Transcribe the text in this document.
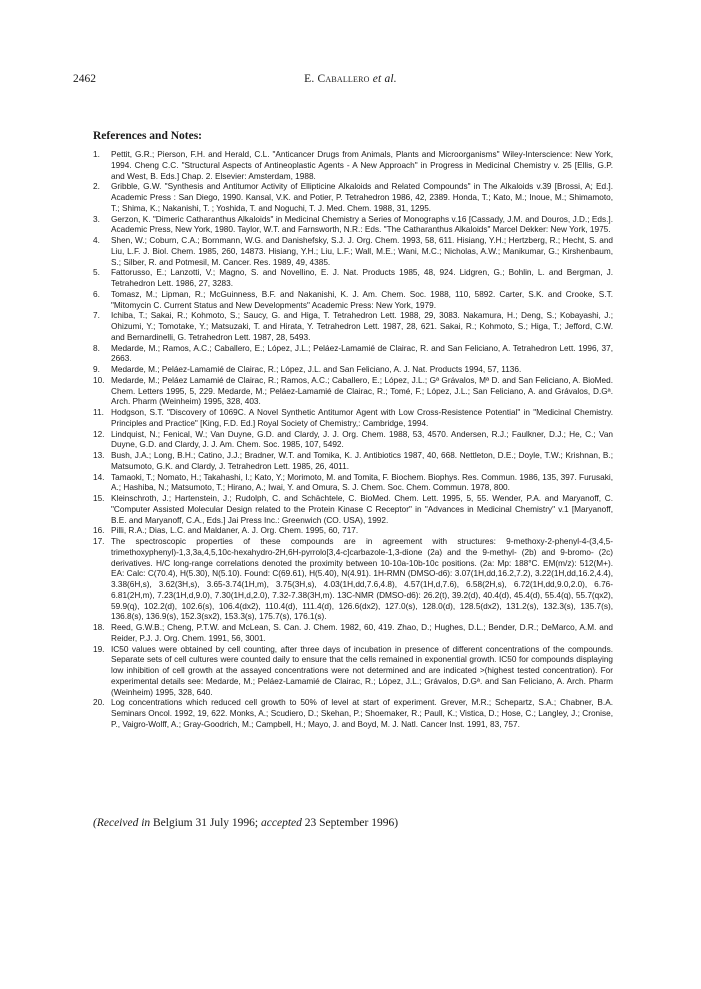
2462	E. Caballero et al.
References and Notes:
1. Pettit, G.R.; Pierson, F.H. and Herald, C.L. "Anticancer Drugs from Animals, Plants and Microorganisms" Wiley-Interscience: New York, 1994. Cheng C.C. "Structural Aspects of Antineoplastic Agents - A New Approach" in Progress in Medicinal Chemistry v. 25 [Ellis, G.P. and West, B. Eds.] Chap. 2. Elsevier: Amsterdam, 1988.
2. Gribble, G.W. "Synthesis and Antitumor Activity of Ellipticine Alkaloids and Related Compounds" in The Alkaloids v.39 [Brossi, A; Ed.]. Academic Press : San Diego, 1990. Kansal, V.K. and Potier, P. Tetrahedron 1986, 42, 2389. Honda, T.; Kato, M.; Inoue, M.; Shimamoto, T.; Shima, K.; Nakanishi, T. ; Yoshida, T. and Noguchi, T. J. Med. Chem. 1988, 31, 1295.
3. Gerzon, K. "Dimeric Catharanthus Alkaloids" in Medicinal Chemistry a Series of Monographs v.16 [Cassady, J.M. and Douros, J.D.; Eds.]. Academic Press, New York, 1980. Taylor, W.T. and Farnsworth, N.R.: Eds. "The Catharanthus Alkaloids" Marcel Dekker: New York, 1975.
4. Shen, W.; Coburn, C.A.; Bornmann, W.G. and Danishefsky, S.J. J. Org. Chem. 1993, 58, 611. Hisiang, Y.H.; Hertzberg, R.; Hecht, S. and Liu, L.F. J. Biol. Chem. 1985, 260, 14873. Hisiang, Y.H.; Liu, L.F.; Wall, M.E.; Wani, M.C.; Nicholas, A.W.; Manikumar, G.; Kirshenbaum, S.; Silber, R. and Potmesil, M. Cancer. Res. 1989, 49, 4385.
5. Fattorusso, E.; Lanzotti, V.; Magno, S. and Novellino, E. J. Nat. Products 1985, 48, 924. Lidgren, G.; Bohlin, L. and Bergman, J. Tetrahedron Lett. 1986, 27, 3283.
6. Tomasz, M.; Lipman, R.; McGuinness, B.F. and Nakanishi, K. J. Am. Chem. Soc. 1988, 110, 5892. Carter, S.K. and Crooke, S.T. "Mitomycin C. Current Status and New Developments" Academic Press: New York, 1979.
7. Ichiba, T.; Sakai, R.; Kohmoto, S.; Saucy, G. and Higa, T. Tetrahedron Lett. 1988, 29, 3083. Nakamura, H.; Deng, S.; Kobayashi, J.; Ohizumi, Y.; Tomotake, Y.; Matsuzaki, T. and Hirata, Y. Tetrahedron Lett. 1987, 28, 621. Sakai, R.; Kohmoto, S.; Higa, T.; Jefford, C.W. and Bernardinelli, G. Tetrahedron Lett. 1987, 28, 5493.
8. Medarde, M.; Ramos, A.C.; Caballero, E.; López, J.L.; Peláez-Lamamié de Clairac, R. and San Feliciano, A. Tetrahedron Lett. 1996, 37, 2663.
9. Medarde, M.; Peláez-Lamamié de Clairac, R.; López, J.L. and San Feliciano, A. J. Nat. Products 1994, 57, 1136.
10. Medarde, M.; Peláez Lamamié de Clairac, R.; Ramos, A.C.; Caballero, E.; López, J.L.; Gª Grávalos, Mª D. and San Feliciano, A. BioMed. Chem. Letters 1995, 5, 229. Medarde, M.; Peláez-Lamamié de Clairac, R.; Tomé, F.; López, J.L.; San Feliciano, A. and Grávalos, D.Gª. Arch. Pharm (Weinheim) 1995, 328, 403.
11. Hodgson, S.T. "Discovery of 1069C. A Novel Synthetic Antitumor Agent with Low Cross-Resistence Potential" in "Medicinal Chemistry. Principles and Practice" [King, F.D. Ed.] Royal Society of Chemistry,: Cambridge, 1994.
12. Lindquist, N.; Fenical, W.; Van Duyne, G.D. and Clardy, J. J. Org. Chem. 1988, 53, 4570. Andersen, R.J.; Faulkner, D.J.; He, C.; Van Duyne, G.D. and Clardy, J. J. Am. Chem. Soc. 1985, 107, 5492.
13. Bush, J.A.; Long, B.H.; Catino, J.J.; Bradner, W.T. and Tomika, K. J. Antibiotics 1987, 40, 668. Nettleton, D.E.; Doyle, T.W.; Krishnan, B.; Matsumoto, G.K. and Clardy, J. Tetrahedron Lett. 1985, 26, 4011.
14. Tamaoki, T.; Nomato, H.; Takahashi, I.; Kato, Y.; Morimoto, M. and Tomita, F. Biochem. Biophys. Res. Commun. 1986, 135, 397. Furusaki, A.; Hashiba, N.; Matsumoto, T.; Hirano, A.; Iwai, Y. and Omura, S. J. Chem. Soc. Chem. Commun. 1978, 800.
15. Kleinschroth, J.; Hartenstein, J.; Rudolph, C. and Schächtele, C. BioMed. Chem. Lett. 1995, 5, 55. Wender, P.A. and Maryanoff, C. "Computer Assisted Molecular Design related to the Protein Kinase C Receptor" in "Advances in Medicinal Chemistry" v.1 [Maryanoff, B.E. and Maryanoff, C.A., Eds.] Jai Press Inc.: Greenwich (CO. USA), 1992.
16. Pilli, R.A.; Dias, L.C. and Maldaner, A. J. Org. Chem. 1995, 60, 717.
17. The spectroscopic properties of these compounds are in agreement with structures: 9-methoxy-2-phenyl-4-(3,4,5-trimethoxyphenyl)-1,3,3a,4,5,10c-hexahydro-2H,6H-pyrrolo[3,4-c]carbazole-1,3-dione (2a) and the 9-methyl- (2b) and 9-bromo- (2c) derivatives. H/C long-range correlations denoted the proximity between 10-10a-10b-10c positions. (2a: Mp: 188°C. EM(m/z): 512(M+). EA: Calc: C(70.4), H(5.30), N(5.10). Found: C(69.61), H(5.40), N(4.91). 1H-RMN (DMSO-d6): 3.07(1H,dd,16.2,7.2), 3.22(1H,dd,16.2,4.4), 3.38(6H,s), 3.62(3H,s), 3.65-3.74(1H,m), 3.75(3H,s), 4.03(1H,dd,7.6,4.8), 4.57(1H,d,7.6), 6.58(2H,s), 6.72(1H,dd,9.0,2.0), 6.76-6.81(2H,m), 7.23(1H,d,9.0), 7.30(1H,d,2.0), 7.32-7.38(3H,m). 13C-NMR (DMSO-d6): 26.2(t), 39.2(d), 40.4(d), 45.4(d), 55.4(q), 55.7(qx2), 59.9(q), 102.2(d), 102.6(s), 106.4(dx2), 110.4(d), 111.4(d), 126.6(dx2), 127.0(s), 128.0(d), 128.5(dx2), 131.2(s), 132.3(s), 135.7(s), 136.8(s), 136.9(s), 152.3(sx2), 153.3(s), 175.7(s), 176.1(s).
18. Reed, G.W.B.; Cheng, P.T.W. and McLean, S. Can. J. Chem. 1982, 60, 419. Zhao, D.; Hughes, D.L.; Bender, D.R.; DeMarco, A.M. and Reider, P.J. J. Org. Chem. 1991, 56, 3001.
19. IC50 values were obtained by cell counting, after three days of incubation in presence of different concentrations of the compounds. Separate sets of cell cultures were counted daily to ensure that the cells remained in exponential growth. IC50 for compounds displaying low inhibition of cell growth at the assayed concentrations were not determined and are indicated >(highest tested concentration). For experimental details see: Medarde, M.; Peláez-Lamamié de Clairac, R.; López, J.L.; Grávalos, D.Gª. and San Feliciano, A. Arch. Pharm (Weinheim) 1995, 328, 640.
20. Log concentrations which reduced cell growth to 50% of level at start of experiment. Grever, M.R.; Schepartz, S.A.; Chabner, B.A. Seminars Oncol. 1992, 19, 622. Monks, A.; Scudiero, D.; Skehan, P.; Shoemaker, R.; Paull, K.; Vistica, D.; Hose, C.; Langley, J.; Cronise, P., Vaigro-Wolff, A.; Gray-Goodrich, M.; Campbell, H.; Mayo, J. and Boyd, M. J. Natl. Cancer Inst. 1991, 83, 757.
(Received in Belgium 31 July 1996; accepted 23 September 1996)
